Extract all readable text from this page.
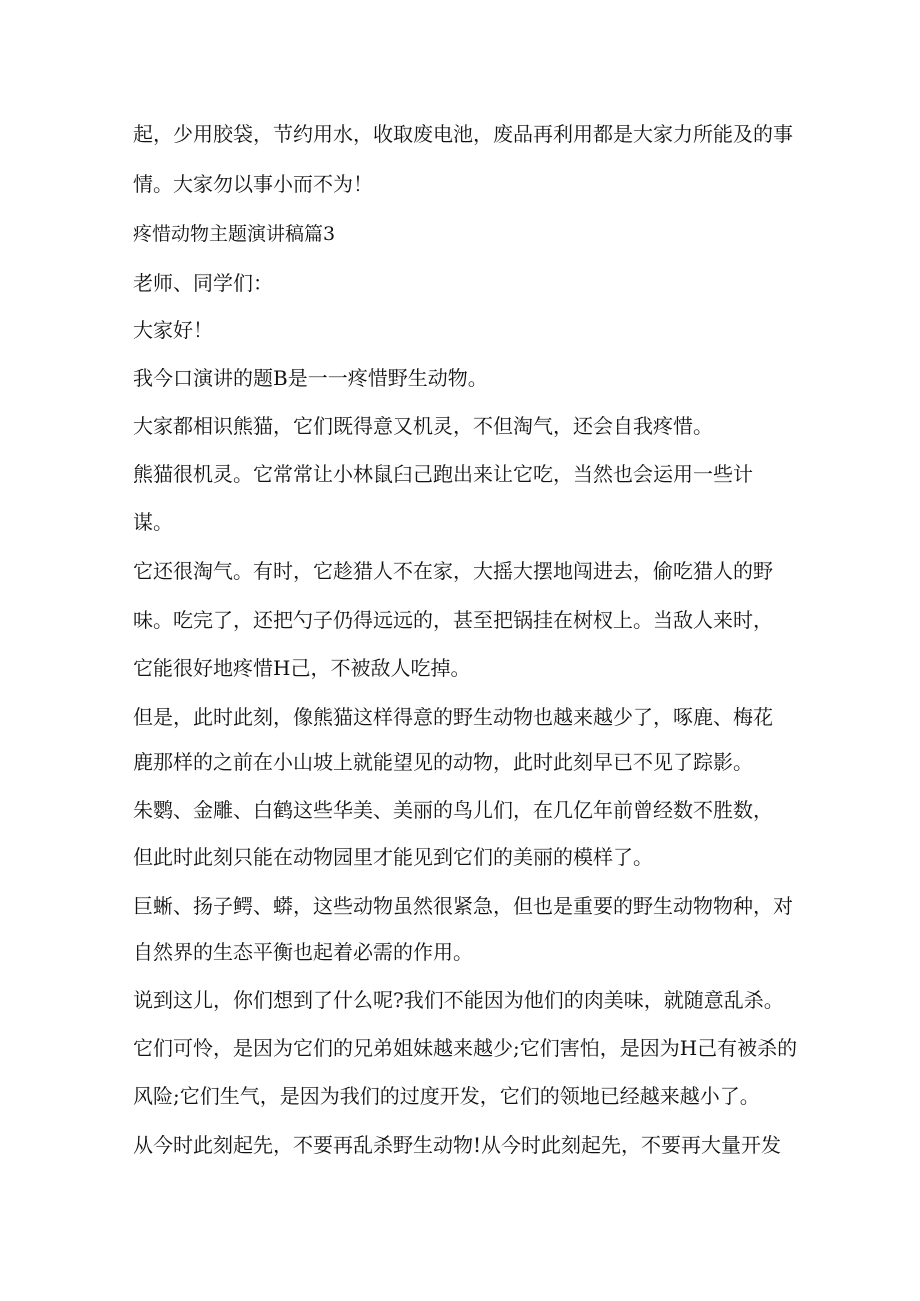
起，少用胶袋，节约用水，收取废电池，废品再利用都是大家力所能及的事
情。大家勿以事小而不为！
疼惜动物主题演讲稿篇3
老师、同学们：
大家好！
我今口演讲的题B是一一疼惜野生动物。
大家都相识熊猫，它们既得意又机灵，不但淘气，还会自我疼惜。
熊猫很机灵。它常常让小林鼠臼己跑出来让它吃，当然也会运用一些计
谋。
它还很淘气。有时，它趁猎人不在家，大摇大摆地闯进去，偷吃猎人的野
味。吃完了，还把勺子仍得远远的，甚至把锅挂在树杈上。当敌人来时，
它能很好地疼惜H己，不被敌人吃掉。
但是，此时此刻，像熊猫这样得意的野生动物也越来越少了，啄鹿、梅花
鹿那样的之前在小山坡上就能望见的动物，此时此刻早已不见了踪影。
朱鹦、金雕、白鹤这些华美、美丽的鸟儿们，在几亿年前曾经数不胜数，
但此时此刻只能在动物园里才能见到它们的美丽的模样了。
巨蜥、扬子鳄、蟒，这些动物虽然很紧急，但也是重要的野生动物物种，对
自然界的生态平衡也起着必需的作用。
说到这儿，你们想到了什么呢?我们不能因为他们的肉美味，就随意乱杀。
它们可怜，是因为它们的兄弟姐妹越来越少;它们害怕，是因为H己有被杀的
风险;它们生气，是因为我们的过度开发，它们的领地已经越来越小了。
从今时此刻起先，不要再乱杀野生动物!从今时此刻起先，不要再大量开发
